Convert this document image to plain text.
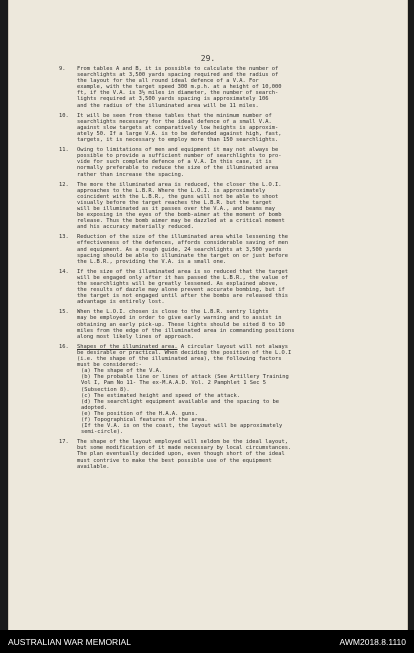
29.
9. From tables A and B, it is possible to calculate the number of
searchlights at 3,500 yards spacing required and the radius of
the layout for the all round ideal defence of a V.A. For
example, with the target speed 300 m.p.h. at a height of 10,000
ft, if the V.A. is 3½ miles in diameter, the number of search-
lights required at 3,500 yards spacing is approximately 106
and the radius of the illuminated area will be 11 miles.
10. It will be seen from these tables that the minimum number of
searchlights necessary for the ideal defence of a small V.A.
against slow targets at comparatively low heights is approxim-
ately 50. If a large V.A. is to be defended against high, fast,
targets, it is necessary to employ more than 150 searchlights.
11. Owing to limitations of men and equipment it may not always be
possible to provide a sufficient number of searchlights to pro-
vide for such complete defence of a V.A. In this case, it is
normally preferable to reduce the size of the illuminated area
rather than increase the spacing.
12. The more the illuminated area is reduced, the closer the L.O.I.
approaches to the L.B.R. Where the L.O.I. is approximately
coincident with the L.B.R., the guns will not be able to shoot
visually before the target reaches the L.B.R. but the target
will be illuminated as it passes over the V.A., and beams may
be exposing in the eyes of the bomb-aimer at the moment of bomb
release. Thus the bomb aimer may be dazzled at a critical moment
and his accuracy materially reduced.
13. Reduction of the size of the illuminated area while lessening the
effectiveness of the defences, affords considerable saving of men
and equipment. As a rough guide, 24 searchlights at 3,500 yards
spacing should be able to illuminate the target on or just before
the L.B.R., providing the V.A. is a small one.
14. If the size of the illuminated area is so reduced that the target
will be engaged only after it has passed the L.B.R., the value of
the searchlights will be greatly lessened. As explained above,
the results of dazzle may alone prevent accurate bombing, but if
the target is not engaged until after the bombs are released this
advantage is entirely lost.
15. When the L.O.I. chosen is close to the L.B.R. sentry lights
may be employed in order to give early warning and to assist in
obtaining an early pick-up. These lights should be sited 8 to 10
miles from the edge of the illuminated area in commanding positions
along most likely lines of approach.
16. Shapes of the illuminated area. A circular layout will not always
be desirable or practical. When deciding the position of the L.O.I
(i.e. the shape of the illuminated area), the following factors
must be considered:-
(a) The shape of the V.A.
(b) The probable line or lines of attack (See Artillery Training
Vol I, Pam No 11- The ex-M.A.A.D. Vol. 2 Pamphlet 1 Sec 5
(Subsection 8).
(c) The estimated height and speed of the attack.
(d) The searchlight equipment available and the spacing to be
adopted.
(e) The position of the H.A.A. guns.
(f) Topographical features of the area.
(If the V.A. is on the coast, the layout will be approximately
semi-circle).
17. The shape of the layout employed will seldom be the ideal layout,
but some modification of it made necessary by local circumstances.
The plan eventually decided upon, even though short of the ideal
must contrive to make the best possible use of the equipment
available.
AUSTRALIAN WAR MEMORIAL	AWM2018.8.1110
